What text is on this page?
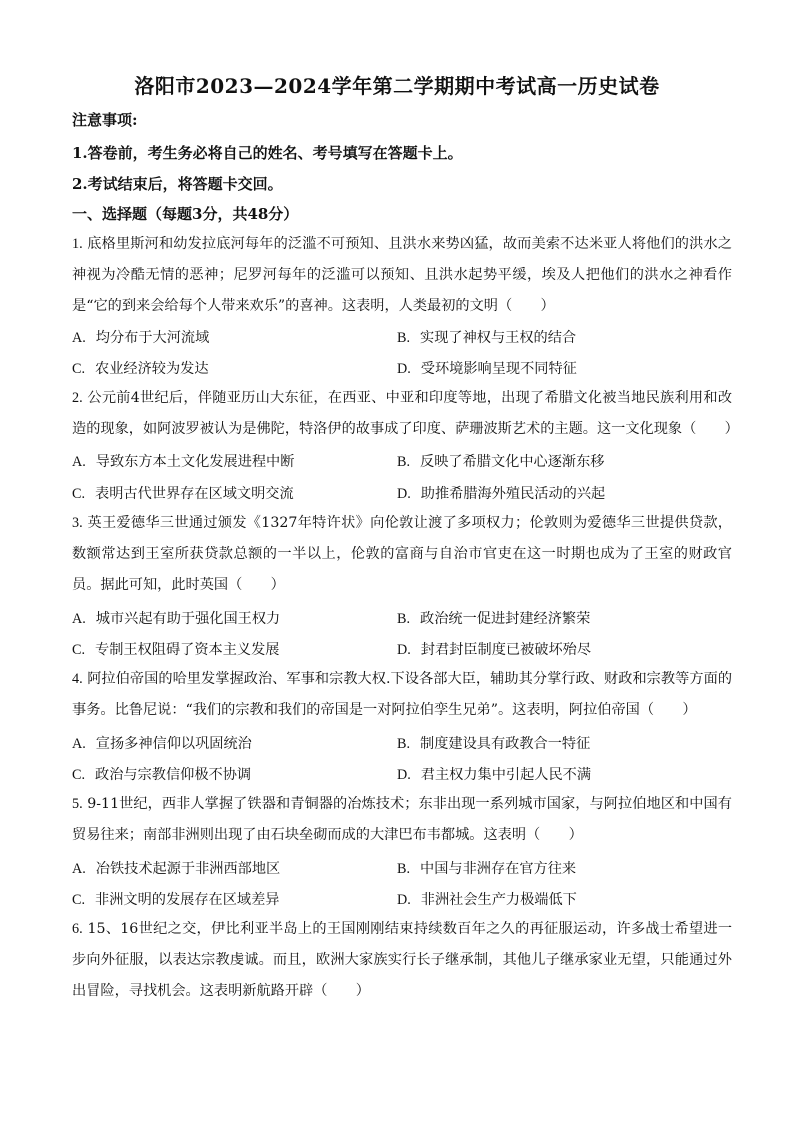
洛阳市2023—2024学年第二学期期中考试高一历史试卷
注意事项:
1.答卷前，考生务必将自己的姓名、考号填写在答题卡上。
2.考试结束后，将答题卡交回。
一、选择题（每题3分，共48分）
1. 底格里斯河和幼发拉底河每年的泛滥不可预知、且洪水来势凶猛，故而美索不达米亚人将他们的洪水之神视为冷酷无情的恶神；尼罗河每年的泛滥可以预知、且洪水起势平缓，埃及人把他们的洪水之神看作是“它的到来会给每个人带来欢乐”的喜神。这表明，人类最初的文明（　　）
A. 均分布于大河流域	B. 实现了神权与王权的结合
C. 农业经济较为发达	D. 受环境影响呈现不同特征
2. 公元前4世纪后，伴随亚历山大东征，在西亚、中亚和印度等地，出现了希腊文化被当地民族利用和改造的现象，如阿波罗被认为是佛陀，特洛伊的故事成了印度、萨珊波斯艺术的主题。这一文化现象（　　）
A. 导致东方本土文化发展进程中断	B. 反映了希腊文化中心逐渐东移
C. 表明古代世界存在区域文明交流	D. 助推希腊海外殖民活动的兴起
3. 英王爱德华三世通过颁发《1327年特许状》向伦敦让渡了多项权力；伦敦则为爱德华三世提供贷款，数额常达到王室所获贷款总额的一半以上，伦敦的富商与自治市官吏在这一时期也成为了王室的财政官员。据此可知，此时英国（　　）
A. 城市兴起有助于强化国王权力	B. 政治统一促进封建经济繁荣
C. 专制王权阻碍了资本主义发展	D. 封君封臣制度已被破坏殆尽
4. 阿拉伯帝国的哈里发掌握政治、军事和宗教大权.下设各部大臣，辅助其分掌行政、财政和宗教等方面的事务。比鲁尼说：“我们的宗教和我们的帝国是一对阿拉伯孪生兄弟”。这表明，阿拉伯帝国（　　）
A. 宣扬多神信仰以巩固统治	B. 制度建设具有政教合一特征
C. 政治与宗教信仰极不协调	D. 君主权力集中引起人民不满
5. 9-11世纪，西非人掌握了铁器和青铜器的冶炼技术；东非出现一系列城市国家，与阿拉伯地区和中国有贸易往来；南部非洲则出现了由石块垒砌而成的大津巴布韦都城。这表明（　　）
A. 冶铁技术起源于非洲西部地区	B. 中国与非洲存在官方往来
C. 非洲文明的发展存在区域差异	D. 非洲社会生产力极端低下
6. 15、16世纪之交，伊比利亚半岛上的王国刚刚结束持续数百年之久的再征服运动，许多战士希望进一步向外征服，以表达宗教虔诚。而且，欧洲大家族实行长子继承制，其他儿子继承家业无望，只能通过外出冒险，寻找机会。这表明新航路开辟（　　）
